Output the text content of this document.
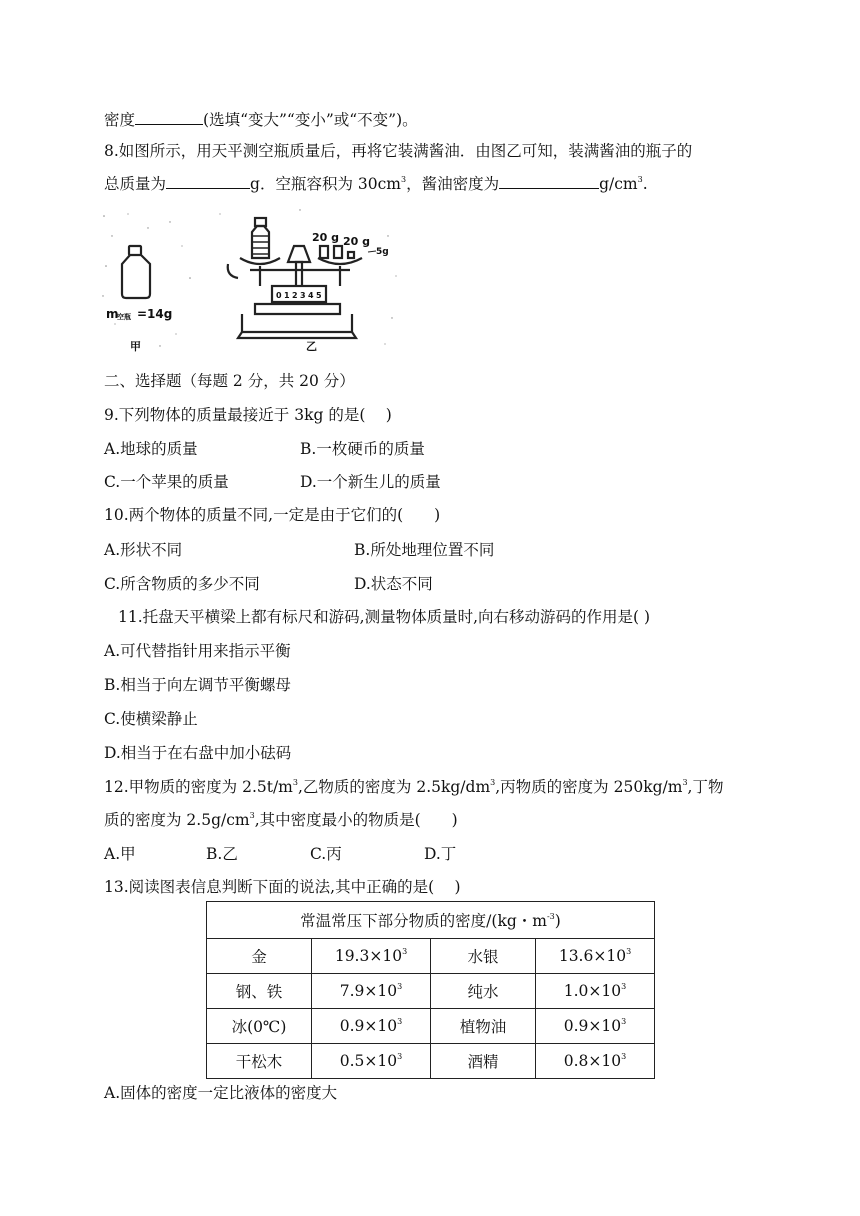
密度	(选填“变大”“变小”或“不变”)。
8.如图所示，用天平测空瓶质量后，再将它装满酱油．由图乙可知，装满酱油的瓶子的
总质量为	g．空瓶容积为 $30cm^3$，酱油密度为	$g/cm^3$.
m
空瓶 =14g
甲
0 1 2 3 4 5
20 g 20 g
5g
乙
二、选择题（每题 2 分，共 20 分）
9.下列物体的质量最接近于 3kg 的是(　 )
A.地球的质量	B.一枚硬币的质量
C.一个苹果的质量	D.一个新生儿的质量
10.两个物体的质量不同,一定是由于它们的(　　)
A.形状不同	B.所处地理位置不同
C.所含物质的多少不同	D.状态不同
11.托盘天平横梁上都有标尺和游码,测量物体质量时,向右移动游码的作用是( )
A.可代替指针用来指示平衡
B.相当于向左调节平衡螺母
C.使横梁静止
D.相当于在右盘中加小砝码
12.甲物质的密度为 $2.5t/m^3$,乙物质的密度为 $2.5kg/dm^3$,丙物质的密度为 $250kg/m^3$,丁物
质的密度为 $2.5g/cm^3$,其中密度最小的物质是(　　)
A.甲	B.乙	C.丙	D.丁
13.阅读图表信息判断下面的说法,其中正确的是(　 )
常温常压下部分物质的密度/(kg・$m^{-3}$)			
金	$19.3\times 10^3$	水银	$13.6\times 10^3$
钢、铁	$7.9\times 10^3$	纯水	$1.0\times 10^3$
冰(0℃)	$0.9\times 10^3$	植物油	$0.9\times 10^3$
干松木	$0.5\times 10^3$	酒精	$0.8\times 10^3$
A.固体的密度一定比液体的密度大
